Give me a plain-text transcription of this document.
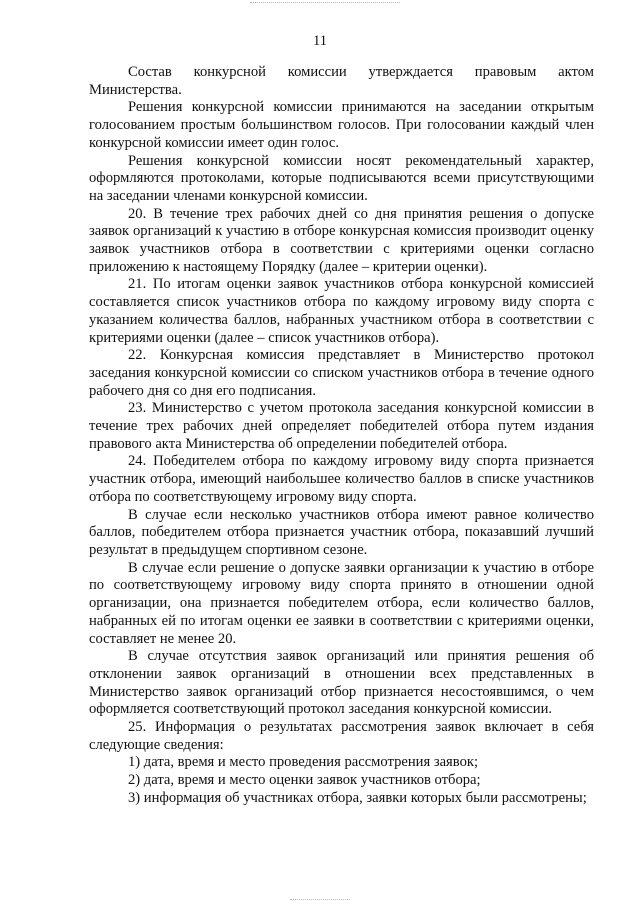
11

Состав конкурсной комиссии утверждается правовым актом Министерства.

Решения конкурсной комиссии принимаются на заседании открытым голосованием простым большинством голосов. При голосовании каждый член конкурсной комиссии имеет один голос.

Решения конкурсной комиссии носят рекомендательный характер, оформляются протоколами, которые подписываются всеми присутствующими на заседании членами конкурсной комиссии.

20. В течение трех рабочих дней со дня принятия решения о допуске заявок организаций к участию в отборе конкурсная комиссия производит оценку заявок участников отбора в соответствии с критериями оценки согласно приложению к настоящему Порядку (далее – критерии оценки).

21. По итогам оценки заявок участников отбора конкурсной комиссией составляется список участников отбора по каждому игровому виду спорта с указанием количества баллов, набранных участником отбора в соответствии с критериями оценки (далее – список участников отбора).

22. Конкурсная комиссия представляет в Министерство протокол заседания конкурсной комиссии со списком участников отбора в течение одного рабочего дня со дня его подписания.

23. Министерство с учетом протокола заседания конкурсной комиссии в течение трех рабочих дней определяет победителей отбора путем издания правового акта Министерства об определении победителей отбора.

24. Победителем отбора по каждому игровому виду спорта признается участник отбора, имеющий наибольшее количество баллов в списке участников отбора по соответствующему игровому виду спорта.

В случае если несколько участников отбора имеют равное количество баллов, победителем отбора признается участник отбора, показавший лучший результат в предыдущем спортивном сезоне.

В случае если решение о допуске заявки организации к участию в отборе по соответствующему игровому виду спорта принято в отношении одной организации, она признается победителем отбора, если количество баллов, набранных ей по итогам оценки ее заявки в соответствии с критериями оценки, составляет не менее 20.

В случае отсутствия заявок организаций или принятия решения об отклонении заявок организаций в отношении всех представленных в Министерство заявок организаций отбор признается несостоявшимся, о чем оформляется соответствующий протокол заседания конкурсной комиссии.

25. Информация о результатах рассмотрения заявок включает в себя следующие сведения:

1) дата, время и место проведения рассмотрения заявок;

2) дата, время и место оценки заявок участников отбора;

3) информация об участниках отбора, заявки которых были рассмотрены;
